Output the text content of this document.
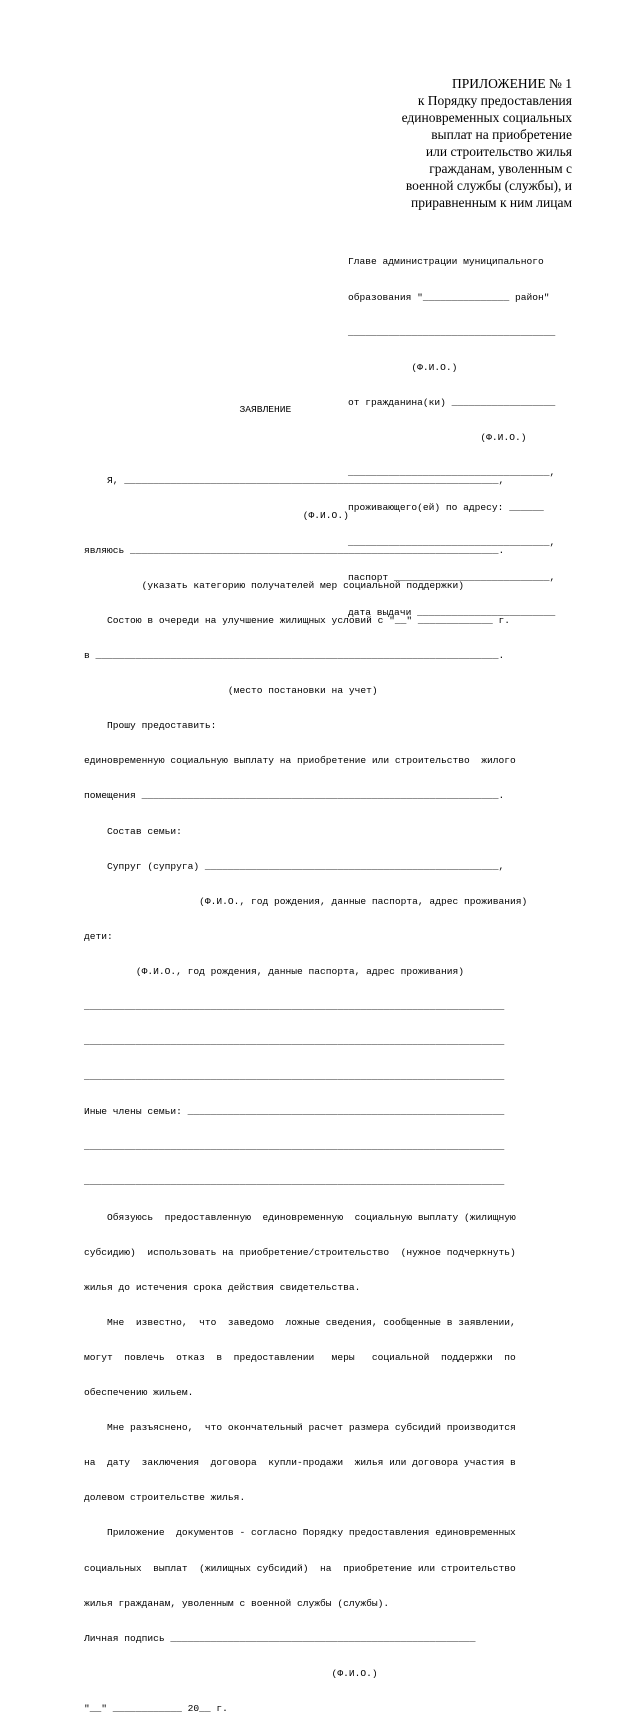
ПРИЛОЖЕНИЕ № 1
к Порядку предоставления
единовременных социальных
выплат на приобретение
или строительство жилья
гражданам, уволенным с
военной службы (службы), и
приравненным к ним лицам

Главе администрации муниципального

образования "_______________ район"

____________________________________

(Ф.И.О.)

от гражданина(ки) __________________

(Ф.И.О.)

___________________________________,

проживающего(ей) по адресу: ______

___________________________________,

паспорт ___________________________,

дата выдачи ________________________

ЗАЯВЛЕНИЕ

Я, _________________________________________________________________,

(Ф.И.О.)

являюсь ________________________________________________________________.

(указать категорию получателей мер социальной поддержки)

Состою в очереди на улучшение жилищных условий с "__" _____________ г.

в ______________________________________________________________________.

(место постановки на учет)

Прошу предоставить:

единовременную социальную выплату на приобретение или строительство  жилого

помещения ______________________________________________________________.

Состав семьи:

Супруг (супруга) ___________________________________________________,

(Ф.И.О., год рождения, данные паспорта, адрес проживания)

дети:

(Ф.И.О., год рождения, данные паспорта, адрес проживания)

_________________________________________________________________________

_________________________________________________________________________

_________________________________________________________________________

Иные члены семьи: _______________________________________________________

_________________________________________________________________________

_________________________________________________________________________

Обязуюсь  предоставленную  единовременную  социальную выплату (жилищную

субсидию)  использовать на приобретение/строительство  (нужное подчеркнуть)

жилья до истечения срока действия свидетельства.

Мне  известно,  что  заведомо  ложные сведения, сообщенные в заявлении,

могут  повлечь  отказ  в  предоставлении   меры   социальной  поддержки  по

обеспечению жильем.

Мне разъяснено,  что окончательный расчет размера субсидий производится

на  дату  заключения  договора  купли-продажи  жилья или договора участия в

долевом строительстве жилья.

Приложение  документов - согласно Порядку предоставления единовременных

социальных  выплат  (жилищных субсидий)  на  приобретение или строительство

жилья гражданам, уволенным с военной службы (службы).

Личная подпись _____________________________________________________

(Ф.И.О.)

"__" ____________ 20__ г.
